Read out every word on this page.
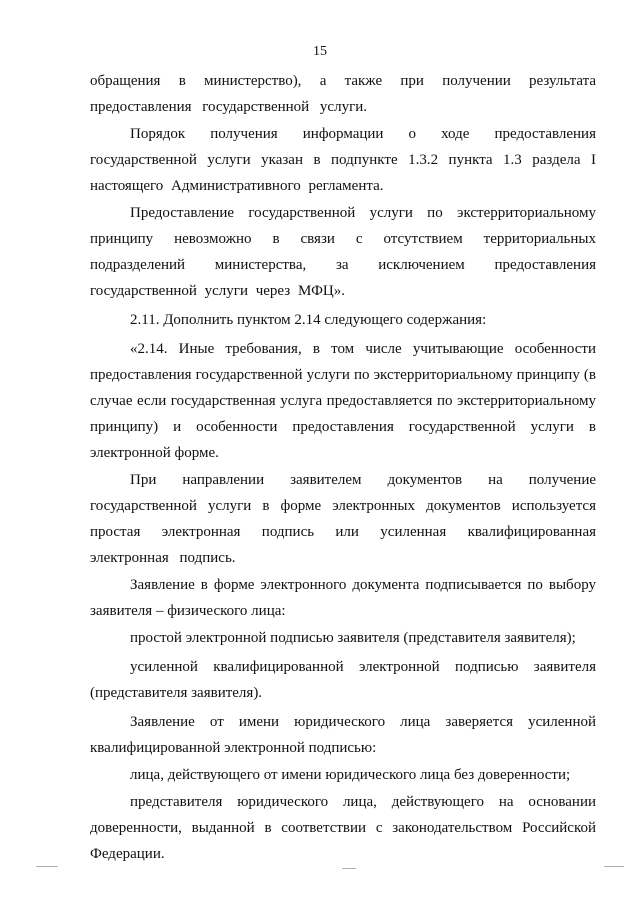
15

обращения в министерство), а также при получении результата предоставления государственной услуги.

Порядок получения информации о ходе предоставления государственной услуги указан в подпункте 1.3.2 пункта 1.3 раздела I настоящего Административного регламента.

Предоставление государственной услуги по экстерриториальному принципу невозможно в связи с отсутствием территориальных подразделений министерства, за исключением предоставления государственной услуги через МФЦ».

2.11. Дополнить пунктом 2.14 следующего содержания:

«2.14. Иные требования, в том числе учитывающие особенности предоставления государственной услуги по экстерриториальному принципу (в случае если государственная услуга предоставляется по экстерриториальному принципу) и особенности предоставления государственной услуги в электронной форме.

При направлении заявителем документов на получение государственной услуги в форме электронных документов используется простая электронная подпись или усиленная квалифицированная электронная подпись.

Заявление в форме электронного документа подписывается по выбору заявителя – физического лица:

простой электронной подписью заявителя (представителя заявителя);

усиленной квалифицированной электронной подписью заявителя (представителя заявителя).

Заявление от имени юридического лица заверяется усиленной квалифицированной электронной подписью:

лица, действующего от имени юридического лица без доверенности;

представителя юридического лица, действующего на основании доверенности, выданной в соответствии с законодательством Российской Федерации.
